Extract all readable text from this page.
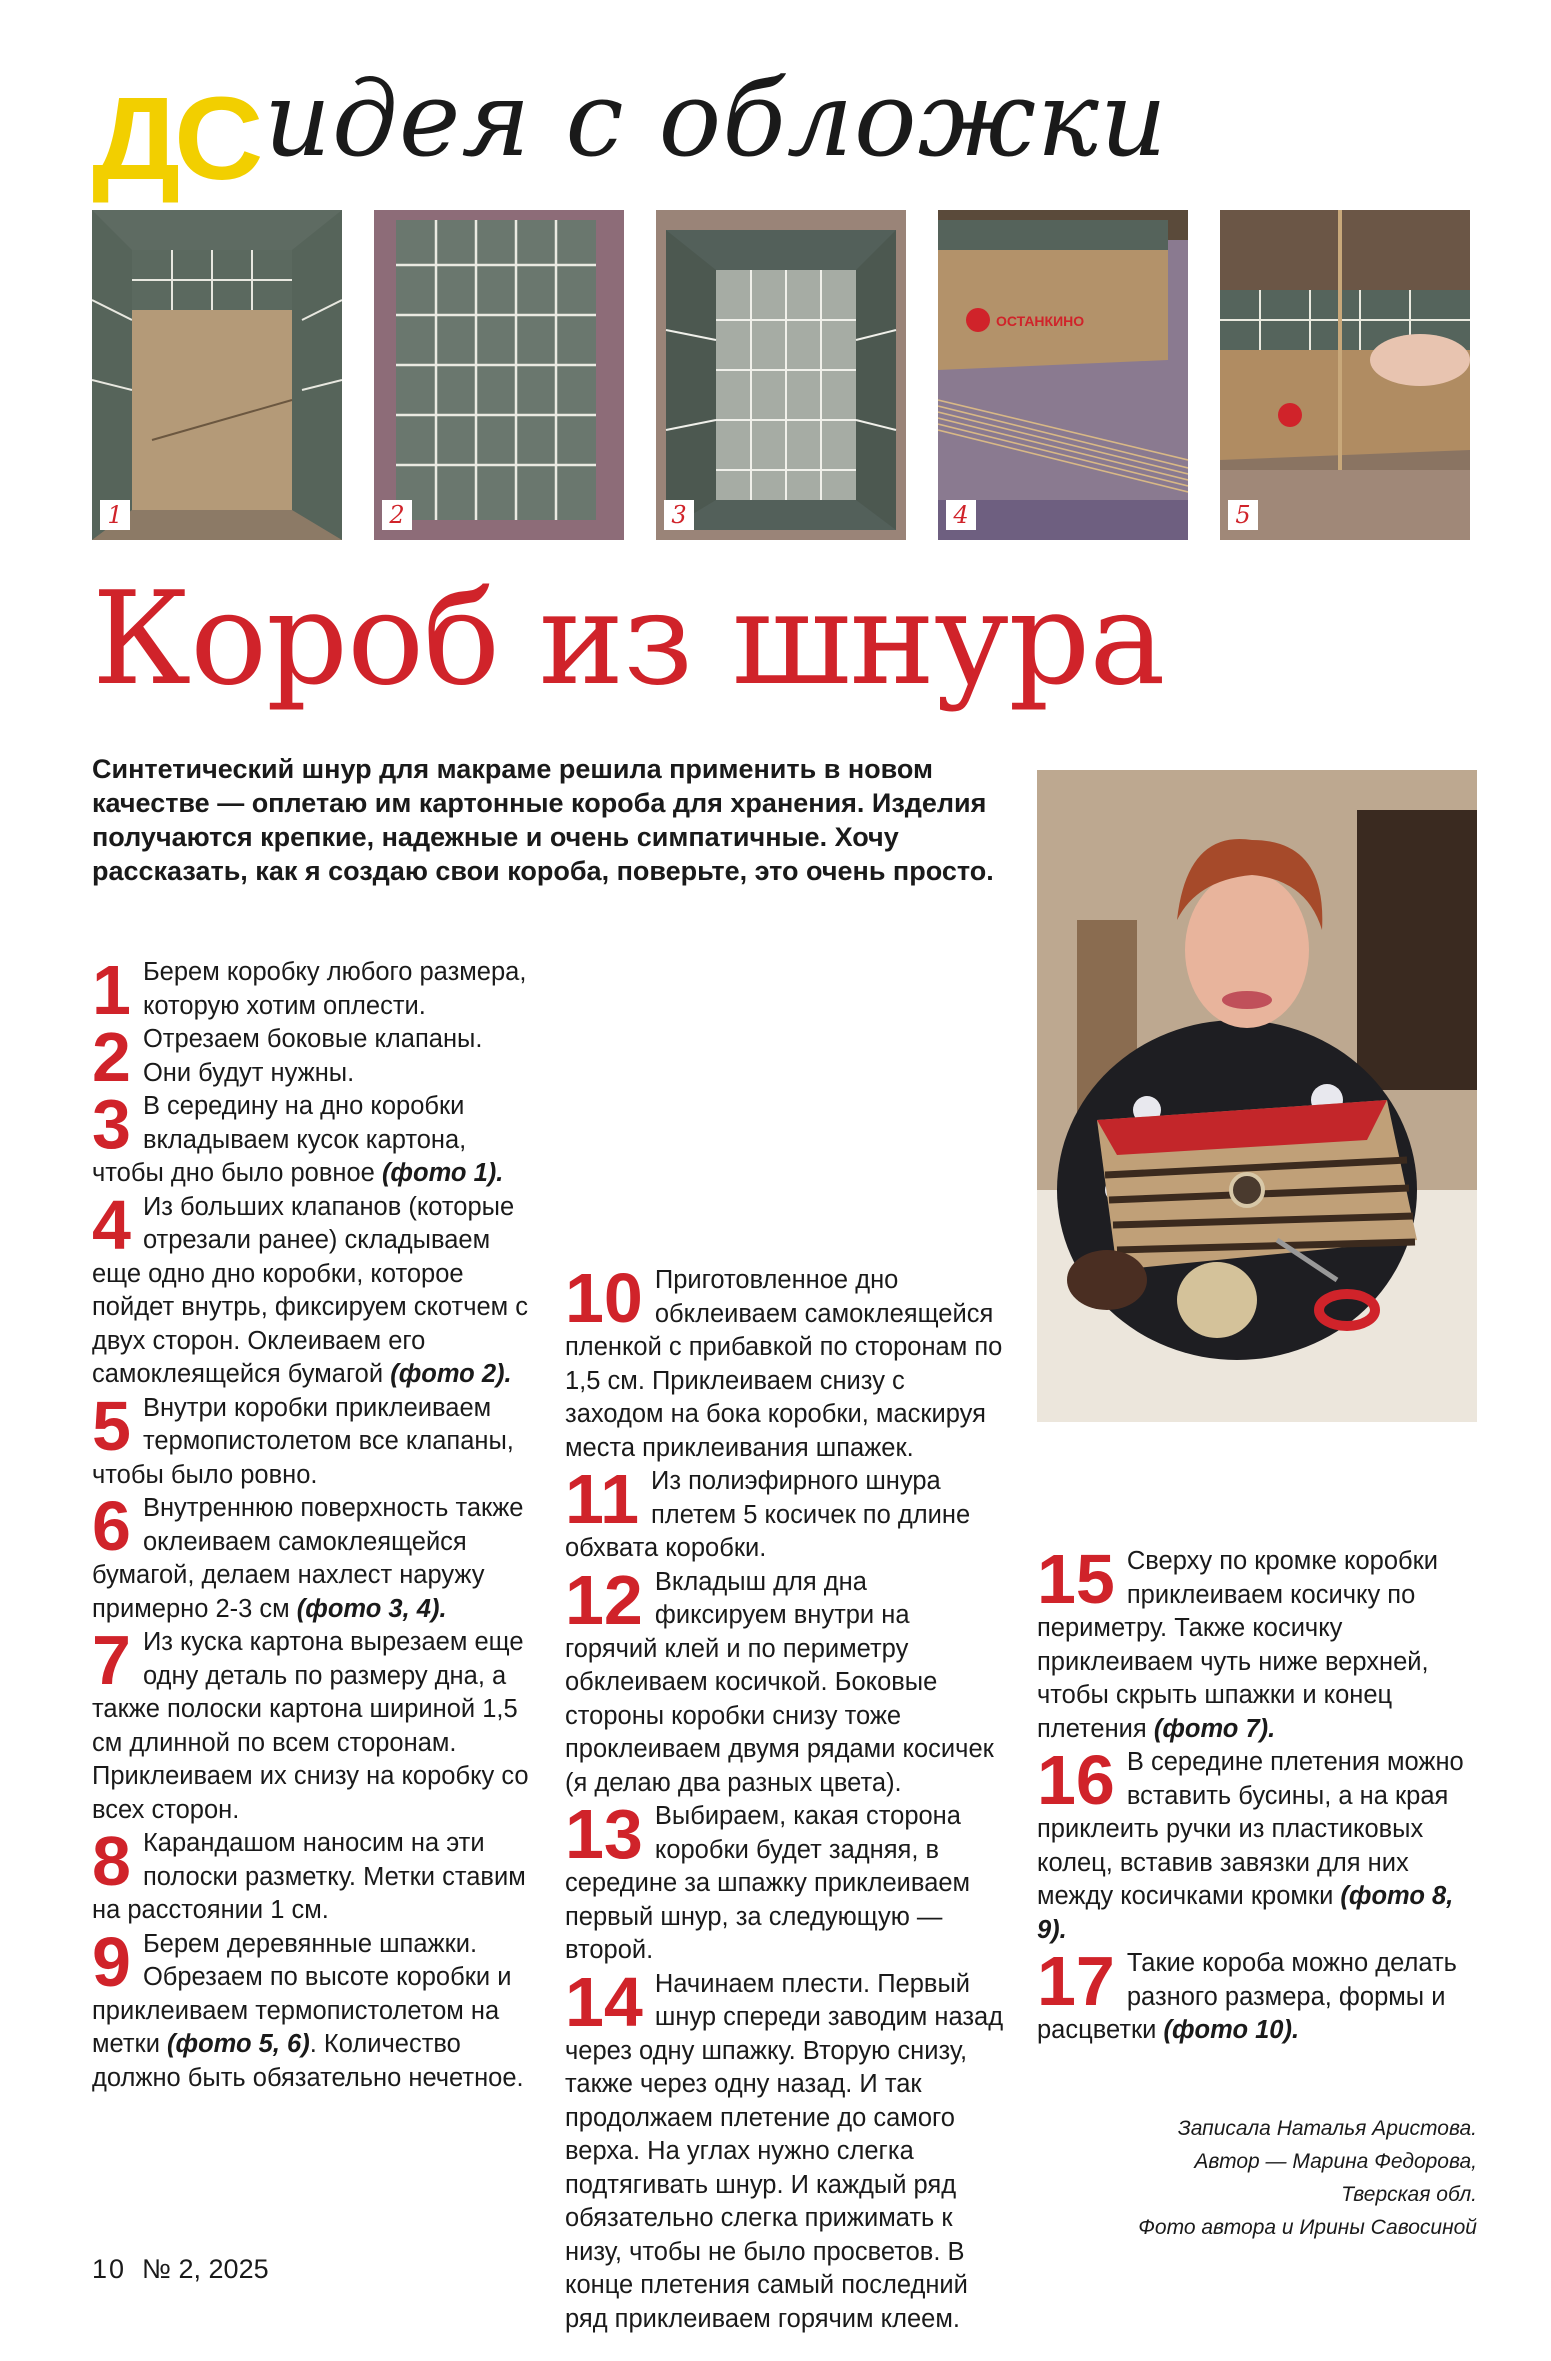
ДС идея с обложки
1	2	3
ОСТАНКИНО
4	5
Короб из шнура
Синтетический шнур для макраме решила применить в новом качестве — оплетаю им картонные короба для хранения. Изделия получаются крепкие, надежные и очень симпатичные. Хочу рассказать, как я создаю свои короба, поверьте, это очень просто.

1 Берем коробку любого размера, которую хотим оплести.

2 Отрезаем боковые клапаны. Они будут нужны.

3 В середину на дно коробки вкладываем кусок картона, чтобы дно было ровное (фото 1).

4 Из больших клапанов (которые отрезали ранее) складываем еще одно дно коробки, которое пойдет внутрь, фиксируем скотчем с двух сторон. Оклеиваем его самоклеящейся бумагой (фото 2).

5 Внутри коробки приклеиваем термопистолетом все клапаны, чтобы было ровно.

6 Внутреннюю поверхность также оклеиваем самоклеящейся бумагой, делаем нахлест наружу примерно 2-3 см (фото 3, 4).

7 Из куска картона вырезаем еще одну деталь по размеру дна, а также полоски картона шириной 1,5 см длинной по всем сторонам. Приклеиваем их снизу на коробку со всех сторон.

8 Карандашом наносим на эти полоски разметку. Метки ставим на расстоянии 1 см.

9 Берем деревянные шпажки. Обрезаем по высоте коробки и приклеиваем термопистолетом на метки (фото 5, 6). Количество должно быть обязательно нечетное.

10 Приготовленное дно обклеиваем самоклеящейся пленкой с прибавкой по сторонам по 1,5 см. Приклеиваем снизу с заходом на бока коробки, маскируя места приклеивания шпажек.

11 Из полиэфирного шнура плетем 5 косичек по длине обхвата коробки.

12 Вкладыш для дна фиксируем внутри на горячий клей и по периметру обклеиваем косичкой. Боковые стороны коробки снизу тоже проклеиваем двумя рядами косичек (я делаю два разных цвета).

13 Выбираем, какая сторона коробки будет задняя, в середине за шпажку приклеиваем первый шнур, за следующую — второй.

14 Начинаем плести. Первый шнур спереди заводим назад через одну шпажку. Вторую снизу, также через одну назад. И так продолжаем плетение до самого верха. На углах нужно слегка подтягивать шнур. И каждый ряд обязательно слегка прижимать к низу, чтобы не было просветов. В конце плетения самый последний ряд приклеиваем горячим клеем.

15 Сверху по кромке коробки приклеиваем косичку по периметру. Также косичку приклеиваем чуть ниже верхней, чтобы скрыть шпажки и конец плетения (фото 7).

16 В середине плетения можно вставить бусины, а на края приклеить ручки из пластиковых колец, вставив завязки для них между косичками кромки (фото 8, 9).

17 Такие короба можно делать разного размера, формы и расцветки (фото 10).

Записала Наталья Аристова.
Автор — Марина Федорова,
Тверская обл.
Фото автора и Ирины Савосиной
10 № 2, 2025
